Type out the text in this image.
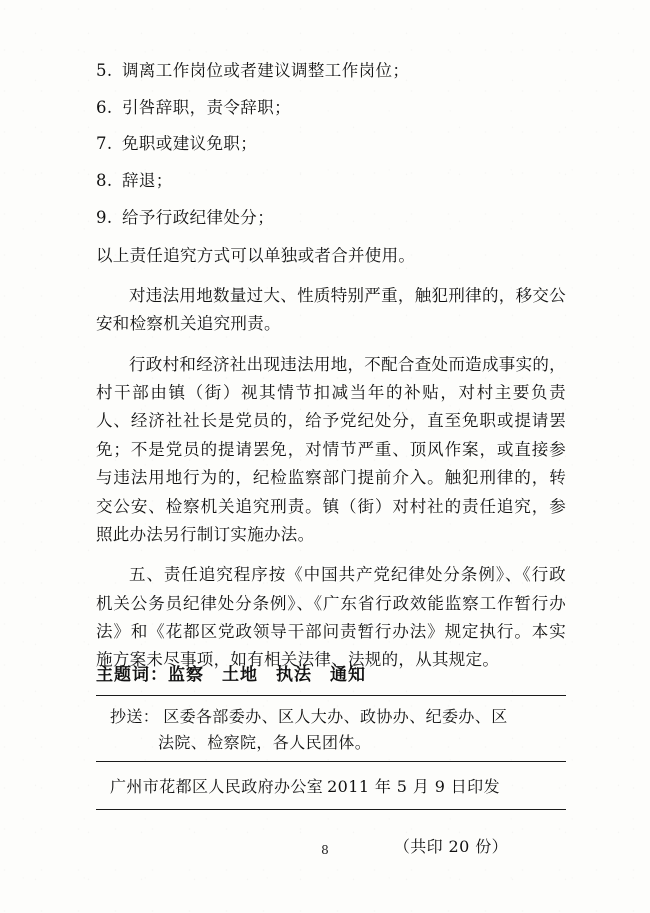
5. 调离工作岗位或者建议调整工作岗位；
6. 引咎辞职，责令辞职；
7. 免职或建议免职；
8. 辞退；
9. 给予行政纪律处分；

以上责任追究方式可以单独或者合并使用。

对违法用地数量过大、性质特别严重，触犯刑律的，移交公安和检察机关追究刑责。

行政村和经济社出现违法用地，不配合查处而造成事实的，村干部由镇（街）视其情节扣减当年的补贴，对村主要负责人、经济社社长是党员的，给予党纪处分，直至免职或提请罢免；不是党员的提请罢免，对情节严重、顶风作案，或直接参与违法用地行为的，纪检监察部门提前介入。触犯刑律的，转交公安、检察机关追究刑责。镇（街）对村社的责任追究，参照此办法另行制订实施办法。

五、责任追究程序按《中国共产党纪律处分条例》、《行政机关公务员纪律处分条例》、《广东省行政效能监察工作暂行办法》和《花都区党政领导干部问责暂行办法》规定执行。本实施方案未尽事项，如有相关法律、法规的，从其规定。

主题词：监察　土地　执法　通知
抄送： 区委各部委办、区人大办、政协办、纪委办、区
法院、检察院，各人民团体。
广州市花都区人民政府办公室 2011 年 5 月 9 日印发
（共印 20 份）
8
